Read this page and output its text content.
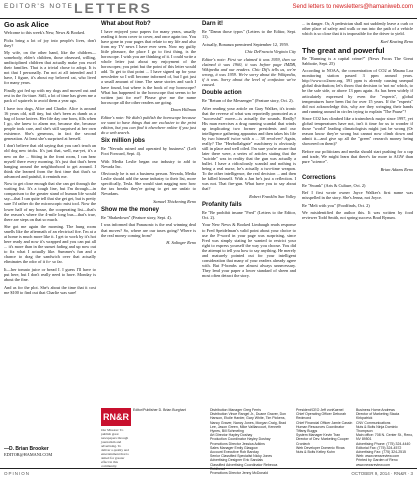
EDITOR'S NOTE LETTERS	Send letters to newsletters@hamaniweb.com
Go ask Alice

Welcome to this week's New, News & Booked.

Picks bring a lot of joy into people's lives, don't they?

My wife, on the other hand, like the children—somebody, elder's children, those obsessed, willing, undisciplined children that actually make you excel their families. That is a trivial chose to adopt. It is not that I personally. I'm not at all intended and I have, I figure, it's about my beloved cat, who lived for many years.

Finally got fed up with my dogs and moved out and rest in the fix-iture. Still, a lot of time has given me a pack of squirrels to avoid them a year ago.

I have two dogs, Alice and Charlie. Alice is around 16 years old, still tiny, but she's been as dumb as a bag of loose knives. Her life day one born, fills when I go, she knew to alarm me, because she, because people took care, and she's still surprised at her own existence. She's generous, in fact the second generation. At least she's surprised at herself.

I don't believe that old saying that you can't teach an old dog new tricks. It's just that, well, ma-yet, it's a new on the ... Sitting in the front room, I can hear myself there every morning. It's just that that's been hanging around the neighborhood to get around. I think she learned from the first time that that's so advanced and painful, it reminds me.

Now to get close enough that she can get through the waiting list. It's a tough line, but I'm through—in comparison to the greater stand of human life would say—that I can quite tell that she get get, but is pretty sure I'd rather do the microscopic mist tool. Now the lower half of my house, the cooperating list—that's the reason's where the 4-mile long bus—that's true, there are steps on that so much.

She got me again the morning. The hung room smells like the aftermath of an electrical fire. I'm at a at home is much more like it. I get to work by it's hot here ready and now it's wrapped and you can put all ... it's more than in the sunset fading and up now out to fix what I actually like. Summer's fun and a chance to drag the sandwich over that actually eliminates the odor of it fo- so far.

It—her tomato juice or bread I. I guess I'll have to put here, but I don't really need to have. Monday is about the fine.

And as for the plot. She's about the time that it cost me $100 to find out that Charlie was sure!

—D. Brian Brooker
EDITOR@HAMANI.COM
What about Rob?

I have enjoyed your papers for many years, usually reading it from cover to cover, and once again too. You have gone in your pages that relate to my life and also from my TV news I have ever seen. Now my guilty little pleasure, the place I go to first thing, is the horoscope. I wish you are thinking of it. I could write a whole letter just about my enjoyment of the horoscopes; you print but the point of this letter would add. To get to that point ... I have signed up for your newsletter so I will become informed of, but I got just a small amount of time. The same stories and such I have found, but where is the book of my horoscope? What has happened to the horoscope that seems to be written just for me? Please give me the name horoscope all the other readers are going.

Dawn Hillman

Editor's note: We didn't publish the horoscope because we want to have things that are exclusive to the print edition, but you can find it elsewhere online if you just do a web search.

Six million jobs

Re "Nevada ruined and operated by business" (Left Foot Forward, Sept. 4).

With Media Leslie began our industry to add to Nevada Inc.

Obviously he is not a business person. Nevada, Media Leslie should add the same industry to their list, more specifically, Tesla. She would start nagging now how the tax breaks they're going to get are unfair to Nevadans.

Samuel Thickening Reno

Show me the money

Re "Shakedown" (Feature story, Sept. 4).

I was informed that Panasonic is the real winning deal that moves? So, where are our taxes going? Where is the real money coming from?

H. Salinger Reno

Darn it!

Re "Damn those typos" (Letters to the Editor, Sept. 11).

Actually, Bonanza premiered September 12, 1959.

Chic DeFrancia Virginia City

Editor's note: First we claimed it was 1959, then we claimed it was 1960, it was before page IMDB, Wikipedia and our readers. Chic Dif's tells us, we're wrong, it was 1959. We're sorry about the Wikipedia, if it was. Sorry about the level of confusion we've caused.

Double action

Re "Return of the Messenger" (Feature story, Oct. 2).

After reading your article on Gary Walker, it's ironic that the reverse of what was reportedly promoted as a "successful" move—is actually the sounds. Really? His man exercises a drug running scandal that winds up implicating two former presidents and our intelligence gathering apparatus and then takes his life by two himself twice with a ... 38 revolver? Again, really? The "Hezbollahgate" machinery is obviously still in place and well oiled. I'm sure you're aware that later there were, a series of articles stating that the "suicide" was in reality that the gun was actually a bullet. I have a ridiculously scandal and nothing is being a real nurse, he's actually a two-time weapon. To the other intelligence, the real decision ... and then he killed himself. With a Jan he's just a reflection. I was not. That fire-gun. What have you to say about that?

Robert Franklin Sun Valley

Profanity fails

Re "Be prohibit insane "Fred" (Letters to the Editor, Oct. 2).

Your New News & Booked Limbaugh reads response to Fred Speidelman's valid point about your choice to use the F-word in your page was surprising, since Fred was simply stating he wanted to restrict your right to express yourself the way you choose. You did the attempt to tell you how to say anything. He merely and maturely pointed out for your intelligent consideration that many of your readers already agree with. But F-bombs are almost always unnecessary. They lend your paper a lower standard of sheen and most often detract the story.

... in danger. Or, A pedestrian shall not suddenly leave a curb or other place of safety and walk or run into the path of a vehicle which is so close that it is impossible for the driver to yield.

Karl Keating Reno

The great and powerful

Re "Running is a capital crime?" (News Focus The Great Sabbotie, Sept. 25)

According to NOAA, the concentration of CO2 at Mauna Loa monitoring station passed 3 ppm around years. http://www.co2now.org. 391 ppm is already causing unequal global distribution; let's throw that decision to 'not no' which, to be the safe side, or above 13 ppm again. As has been widely if articulately expressed by even the "experts", global temperatures have been flat for over 15 years. If the "experts" did not acknowledge this, why are they wringing their hands and running around in circles trying to explain "The Pause"?

Since CO2 has climbed like a trainwheck major since 1997, yet global temperatures have not, isn't it time for us to wonder if those "world" leading climatologists might just be wrong (Or reason know they're wrong but cannot now climb down and admit it—and give up all the "green" research money being showered on them)?

Before our politicians and media should start pushing for a cap and trade, We might learn that there's far more to AGW than pure "science".

Brian Adams Reno

Corrections

Re "Swank" (Arts & Culture, Oct. 2)

Bef I first wrote owner Jayce Walker's first name was misspelled in the story. She's Jenna, not Joyce.

Re "Melt with you" (Foodfinds, Oct. 2)

We misidentified the author this. It was written by food reviewer Todd Smith, not spring success Brad Bynum.

RN&R
Our Mission: To publish great newspapers through journalism and advertising. To deliver a quality and entertainment that is aimed for greater effect in this community.
Editor/Publisher D. Brian Burghart	Distribution Manager Greg Ferris
Distribution Vince Rangel Jr., Duane Graver, Don Hanson, Etoile Harder, Gary White, Tim Pickens, Nancy Graver, Nancy Jones, Morgan Craig, Brad Lee, Jason Green, Mike Vaillancourt, Kenneth Hynes, Bill Schmeling
Art Director Hayley Doshay
Production Coordinator Hayley Doshay
Promotions Director Jessica Adkins
Sales Manager Emily Glasgow
Account Executive Rob Barclay
Senior Classified Specialist Nicky Jones
Advertising Designer Eric Sandals
Classified Advertising Coordinator Rebecca Reidhead
Promotions Director Jenny McDonald
President/CEO Jeff vonKaenel
Chief Operating Officer Deborah Redmond
Chief Financial Officer Jamie Cassin
Human Resources Coordinator Tiffany Buggs
System Manager Kevin Tran
Director of Dev. Marketing Cooper Cronlech
Web Developer Domenic Rivas
Nuts & Bolts Kelley Kuhn
Business Home Andrews
Director of Marketing Stacia Kirkpatrick
CNV Communications
Nuts & Bolts Ninja Dominic Thompson
Main office: 708 N. Center St., Reno, NV 89501
Advertising Phone: (775) 324-4440
Editorial Fax: (775) 324-4572
Advertising Fax: (775) 324-2515
Web: www.newsreview.com
Printed by Garden of Reno
www.newsreview.com
OPINION	OCTOBER 9, 2014 · RN&R · 3
